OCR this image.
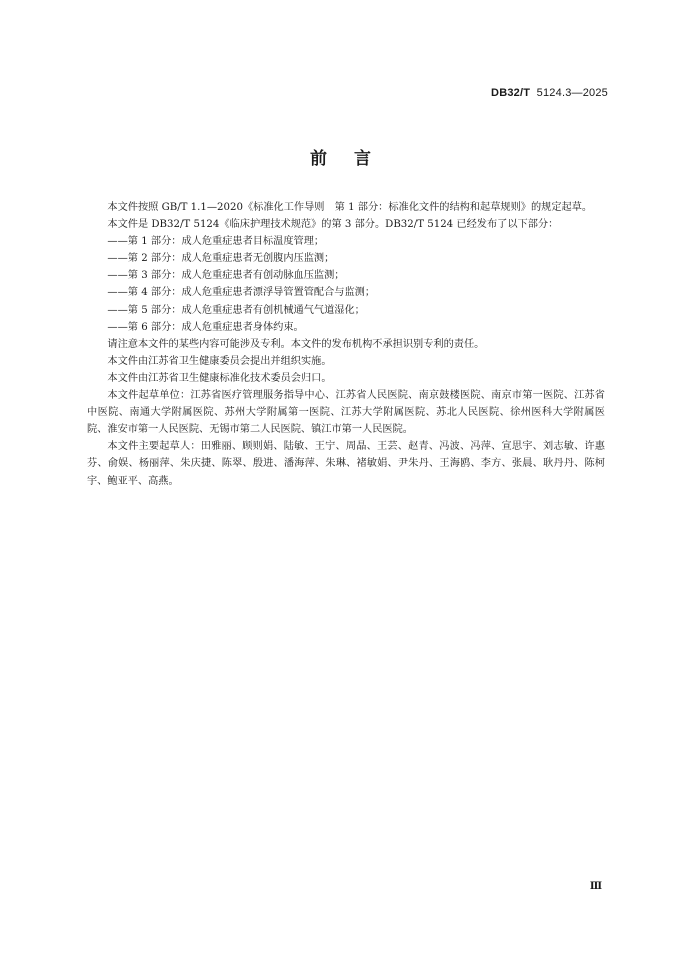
DB32/T 5124.3—2025
前言

本文件按照 GB/T 1.1—2020《标准化工作导则　第 1 部分：标准化文件的结构和起草规则》的规定起草。

本文件是 DB32/T 5124《临床护理技术规范》的第 3 部分。DB32/T 5124 已经发布了以下部分：

——第 1 部分：成人危重症患者目标温度管理；

——第 2 部分：成人危重症患者无创腹内压监测；

——第 3 部分：成人危重症患者有创动脉血压监测；

——第 4 部分：成人危重症患者漂浮导管置管配合与监测；

——第 5 部分：成人危重症患者有创机械通气气道湿化；

——第 6 部分：成人危重症患者身体约束。

请注意本文件的某些内容可能涉及专利。本文件的发布机构不承担识别专利的责任。

本文件由江苏省卫生健康委员会提出并组织实施。

本文件由江苏省卫生健康标准化技术委员会归口。

本文件起草单位：江苏省医疗管理服务指导中心、江苏省人民医院、南京鼓楼医院、南京市第一医院、江苏省中医院、南通大学附属医院、苏州大学附属第一医院、江苏大学附属医院、苏北人民医院、徐州医科大学附属医院、淮安市第一人民医院、无锡市第二人民医院、镇江市第一人民医院。

本文件主要起草人：田雅丽、顾则娟、陆敏、王宁、周晶、王芸、赵青、冯波、冯萍、宣思宇、刘志敏、许惠芬、俞娱、杨丽萍、朱庆捷、陈翠、殷进、潘海萍、朱琳、褚敏娟、尹朱丹、王海鸥、李方、张晨、耿丹丹、陈柯宇、鲍亚平、高燕。

Ⅲ
